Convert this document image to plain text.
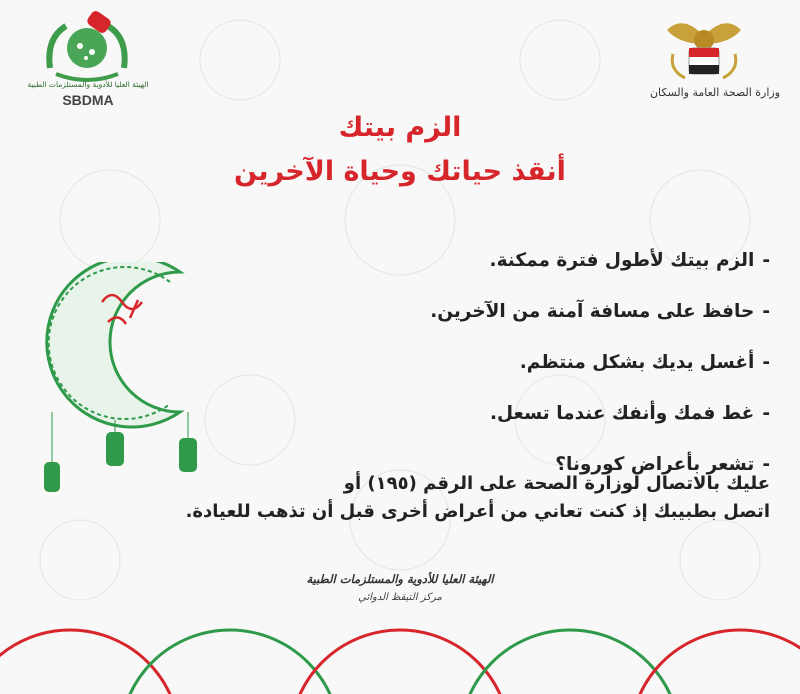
وزارة الصحة العامة والسكان
الهيئة العليا للأدوية والمستلزمات الطبية
SBDMA
الزم بيتك
أنقذ حياتك وحياة الآخرين
-الزم بيتك لأطول فترة ممكنة.
-حافظ على مسافة آمنة من الآخرين.
-أغسل يديك بشكل منتظم.
-غط فمك وأنفك عندما تسعل.
-تشعر بأعراض كورونا؟
عليك بالاتصال لوزارة الصحة على الرقم (١٩٥) أو
اتصل بطبيبك إذ كنت تعاني من أعراض أخرى قبل أن تذهب للعيادة.
الهيئة العليا للأدوية والمستلزمات الطبية
مركز التيقظ الدوائي
